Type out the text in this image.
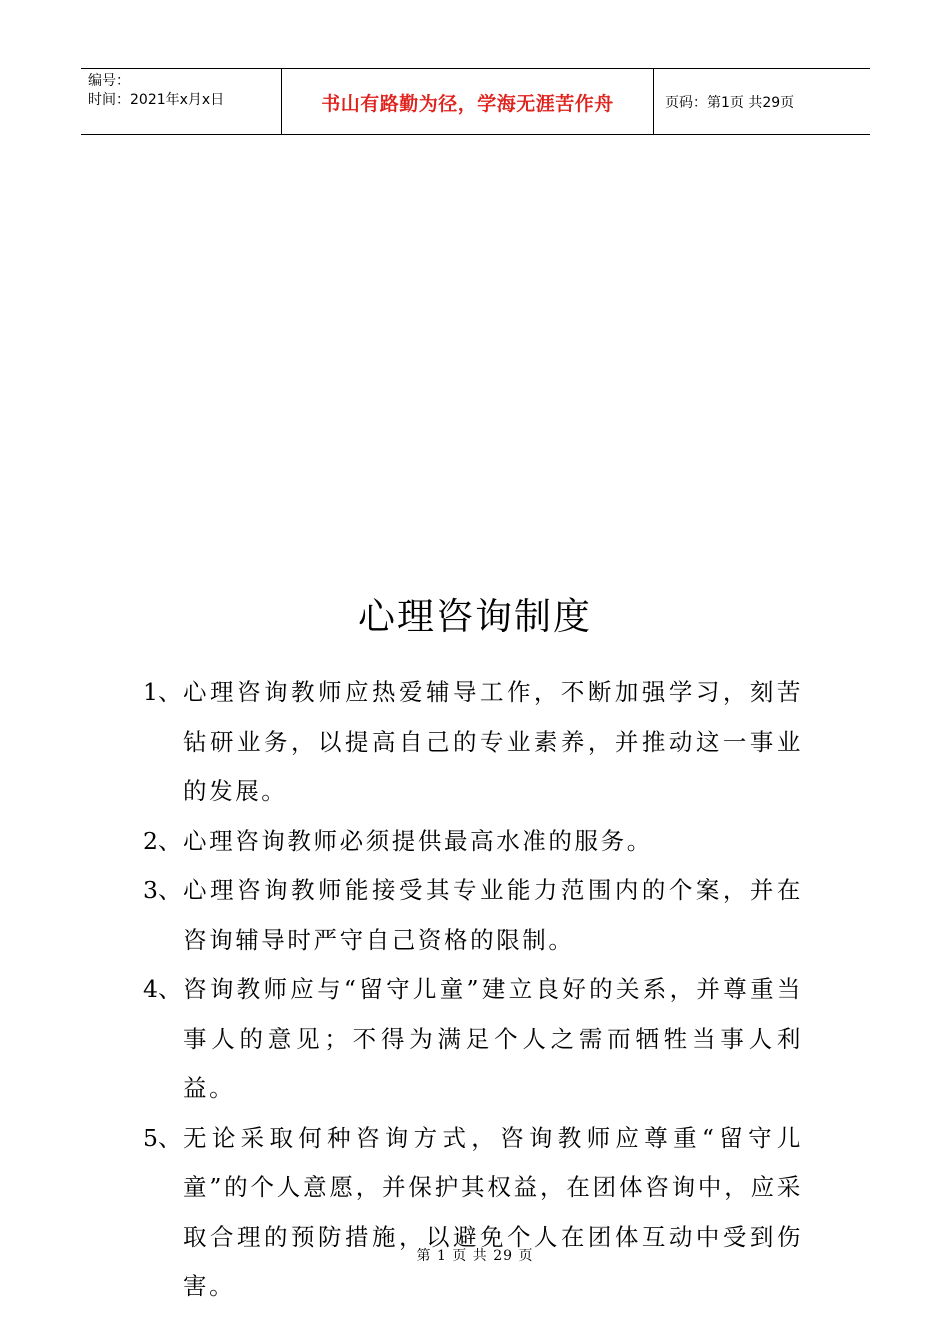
编号：
时间：2021年x月x日	书山有路勤为径，学海无涯苦作舟	页码：第1页 共29页
心理咨询制度
1、 心理咨询教师应热爱辅导工作，不断加强学习，刻苦钻研业务，以提高自己的专业素养，并推动这一事业的发展。
2、 心理咨询教师必须提供最高水准的服务。
3、 心理咨询教师能接受其专业能力范围内的个案，并在咨询辅导时严守自己资格的限制。
4、 咨询教师应与“留守儿童”建立良好的关系，并尊重当事人的意见；不得为满足个人之需而牺牲当事人利益。
5、 无论采取何种咨询方式，咨询教师应尊重“留守儿童”的个人意愿，并保护其权益，在团体咨询中，应采取合理的预防措施，以避免个人在团体互动中受到伤害。
第 1 页 共 29 页
